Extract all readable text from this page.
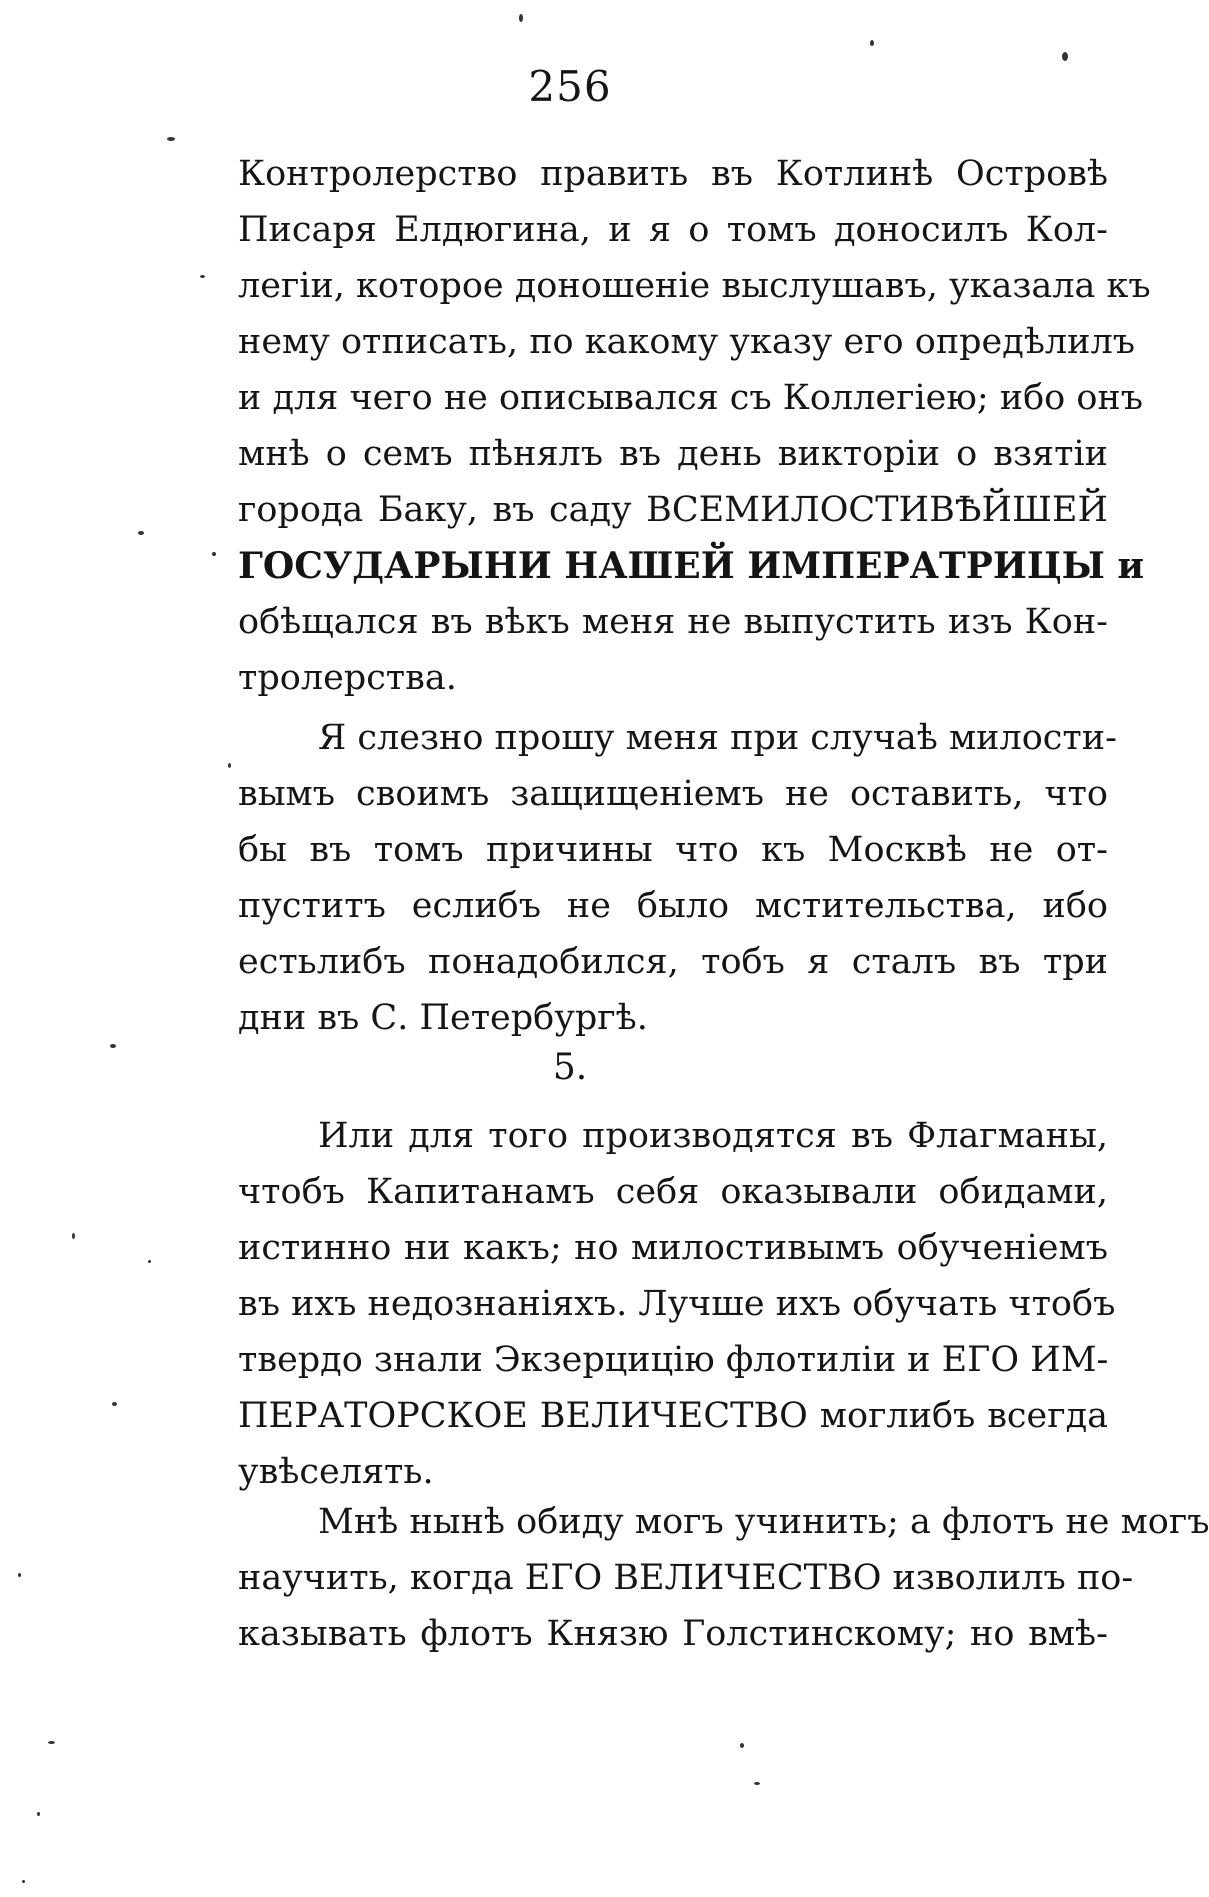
256
Контролерство править въ Котлинѣ Островѣ
Писаря Елдюгина, и я о томъ доносилъ Кол-
легіи, которое доношеніе выслушавъ, указала къ
нему отписать, по какому указу его опредѣлилъ
и для чего не описывался съ Коллегіею; ибо онъ
мнѣ о семъ пѣнялъ въ день викторіи о взятіи
города Баку, въ саду ВСЕМИЛОСТИВѢЙШЕЙ
ГОСУДАРЫНИ НАШЕЙ ИМПЕРАТРИЦЫ и
обѣщался въ вѣкъ меня не выпустить изъ Кон-
тролерства.
Я слезно прошу меня при случаѣ милости-
вымъ своимъ защищеніемъ не оставить, что
бы въ томъ причины что къ Москвѣ не от-
пуститъ еслибъ не было мстительства, ибо
естьлибъ понадобился, тобъ я сталъ въ три
дни въ С. Петербургѣ.
5.
Или для того производятся въ Флагманы,
чтобъ Капитанамъ себя оказывали обидами,
истинно ни какъ; но милостивымъ обученіемъ
въ ихъ недознаніяхъ. Лучше ихъ обучать чтобъ
твердо знали Экзерцицію флотиліи и ЕГО ИМ-
ПЕРАТОРСКОЕ ВЕЛИЧЕСТВО моглибъ всегда
увѣселять.
Мнѣ нынѣ обиду могъ учинить; а флотъ не могъ
научить, когда ЕГО ВЕЛИЧЕСТВО изволилъ по-
казывать флотъ Князю Голстинскому; но вмѣ-
